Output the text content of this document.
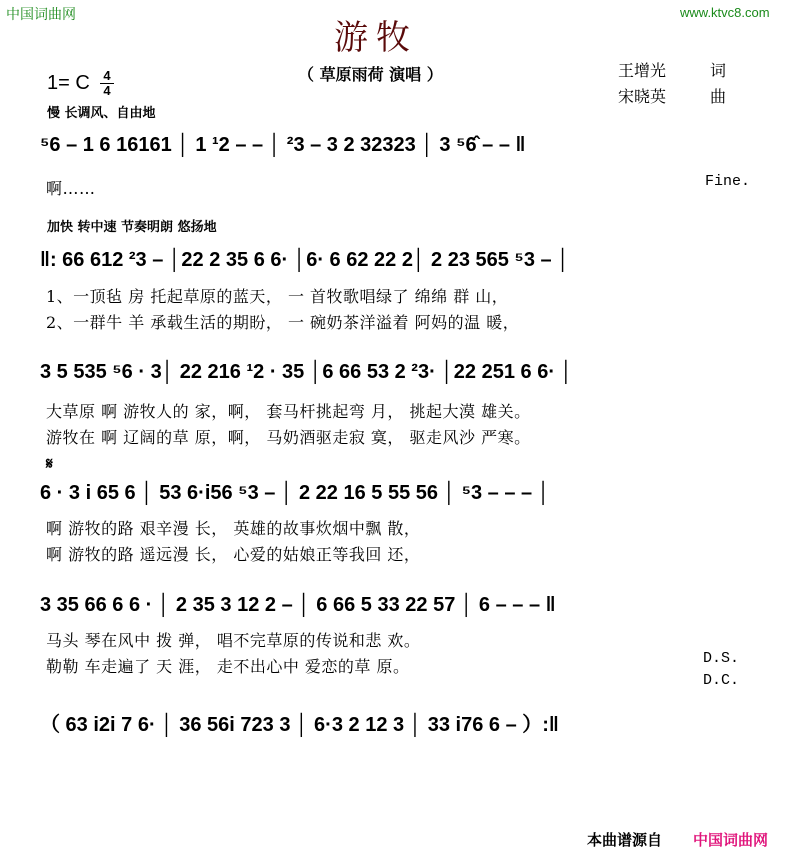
中国词曲网	www.ktvc8.com
游牧
（ 草原雨荷 演唱 ）	王增光	词
宋晓英	曲
1= C 4
4
慢 长调风、自由地
⁵6 – 1 6 16161 │ 1 ¹2 – – │ ²3 – 3 2 32323 │ 3 ⁵6̂ – – ‖
啊……	Fine.
加快 转中速 节奏明朗 悠扬地
‖: 66 612 ²3 – │22 2 35 6 6· │6· 6 62 22 2│ 2 23 565 ⁵3 – │
1、一顶毡 房 托起草原的蓝天， 一 首牧歌唱绿了 绵绵 群 山，
2、一群牛 羊 承载生活的期盼， 一 碗奶茶洋溢着 阿妈的温 暖，
3 5 535 ⁵6 · 3│ 22 216 ¹2 · 35 │6 66 53 2 ²3· │22 251 6 6· │
大草原 啊 游牧人的 家，啊， 套马杆挑起弯 月， 挑起大漠 雄关。
游牧在 啊 辽阔的草 原，啊， 马奶酒驱走寂 寞， 驱走风沙 严寒。
𝄋
6 · 3 i 65 6 │ 53 6·i56 ⁵3 – │ 2 22 16 5 55 56 │ ⁵3 – – – │
啊 游牧的路 艰辛漫 长， 英雄的故事炊烟中飘 散，
啊 游牧的路 遥远漫 长， 心爱的姑娘正等我回 还，
3 35 66 6 6 · │ 2 35 3 12 2 – │ 6 66 5 33 22 57 │ 6 – – – ‖
马头 琴在风中 拨 弹， 唱不完草原的传说和悲 欢。
勒勒 车走遍了 天 涯， 走不出心中 爱恋的草 原。	D.S.
D.C.
（ 63 i2i 7 6· │ 36 56i 723 3 │ 6·3 2 12 3 │ 33 i76 6 – ）:‖
本曲谱源自 中国词曲网
